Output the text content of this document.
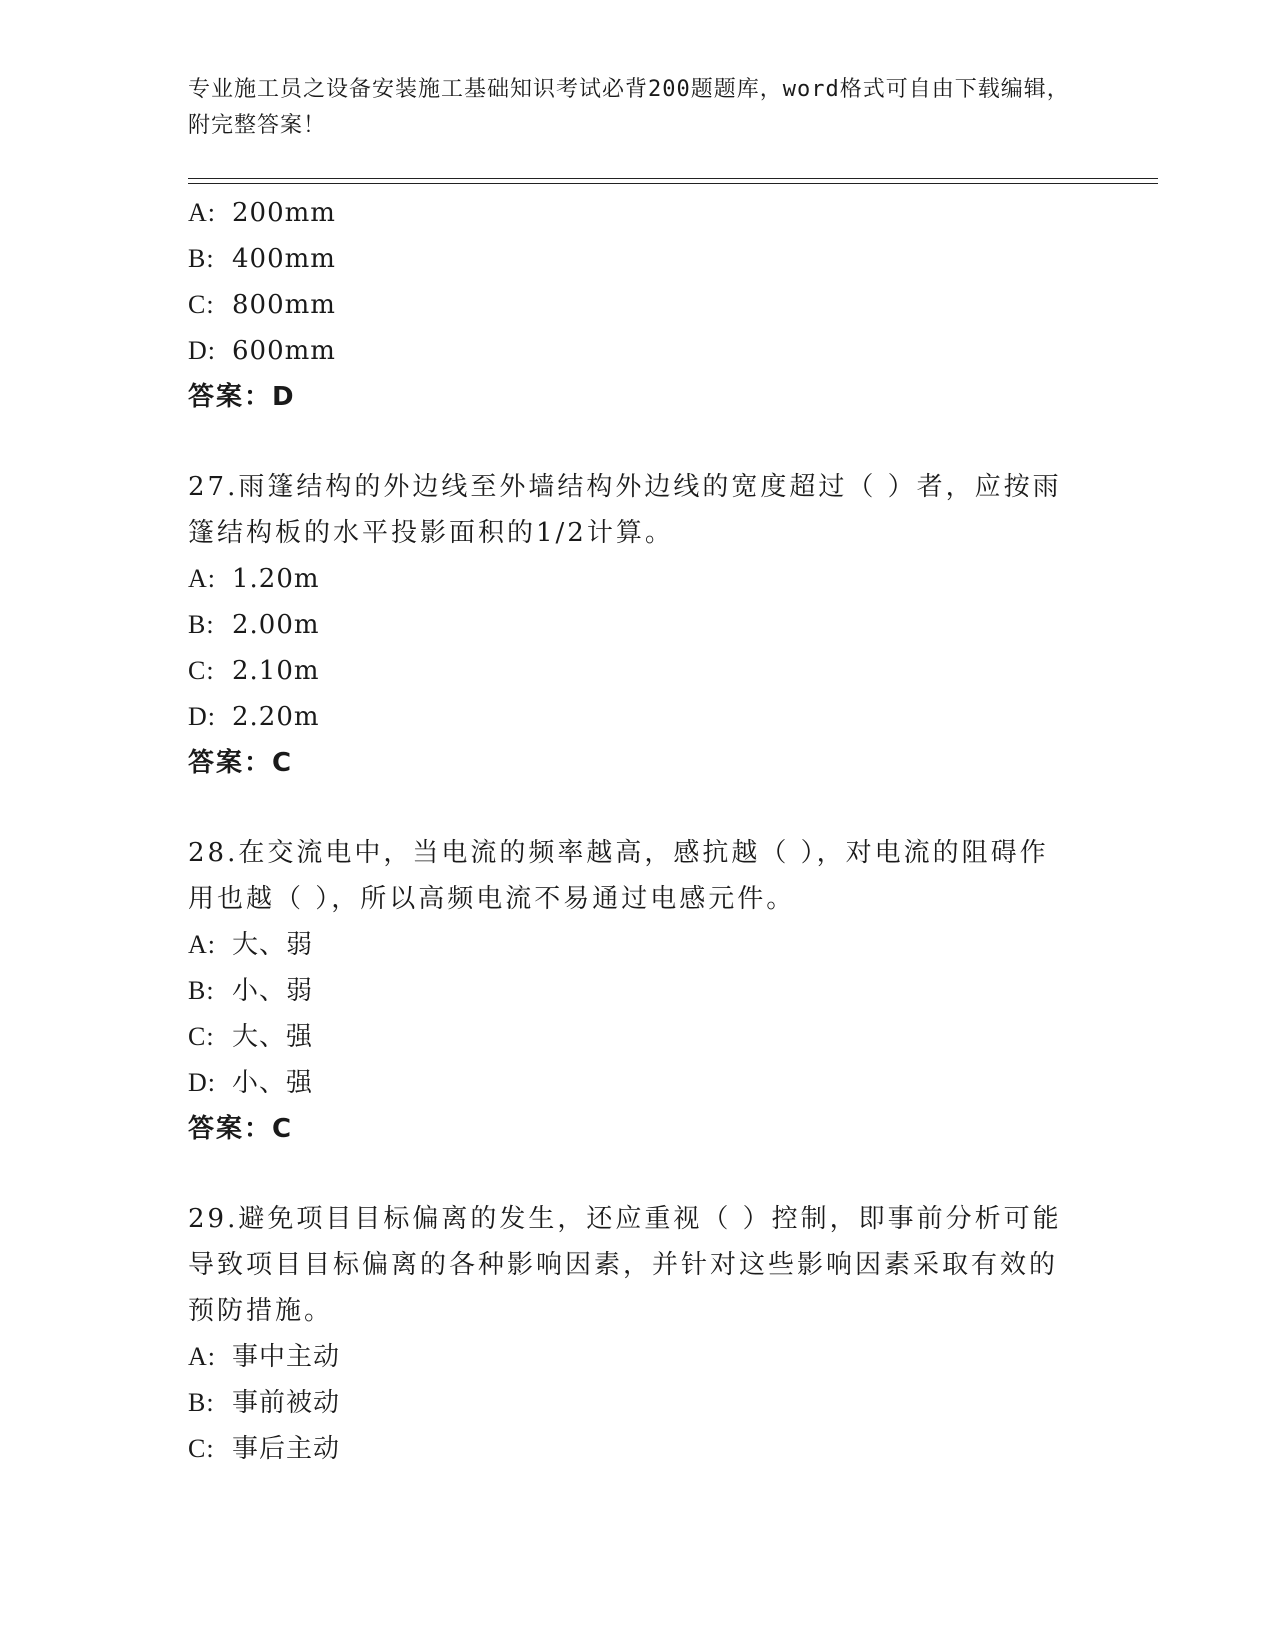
专业施工员之设备安装施工基础知识考试必背200题题库，word格式可自由下载编辑，附完整答案！
A: 200mm
B: 400mm
C: 800mm
D: 600mm
答案：D
27.雨篷结构的外边线至外墙结构外边线的宽度超过（ ）者，应按雨篷结构板的水平投影面积的1/2计算。
A: 1.20m
B: 2.00m
C: 2.10m
D: 2.20m
答案：C
28.在交流电中，当电流的频率越高，感抗越（ ），对电流的阻碍作用也越（ ），所以高频电流不易通过电感元件。
A: 大、弱
B: 小、弱
C: 大、强
D: 小、强
答案：C
29.避免项目目标偏离的发生，还应重视（ ）控制，即事前分析可能导致项目目标偏离的各种影响因素，并针对这些影响因素采取有效的预防措施。
A: 事中主动
B: 事前被动
C: 事后主动
